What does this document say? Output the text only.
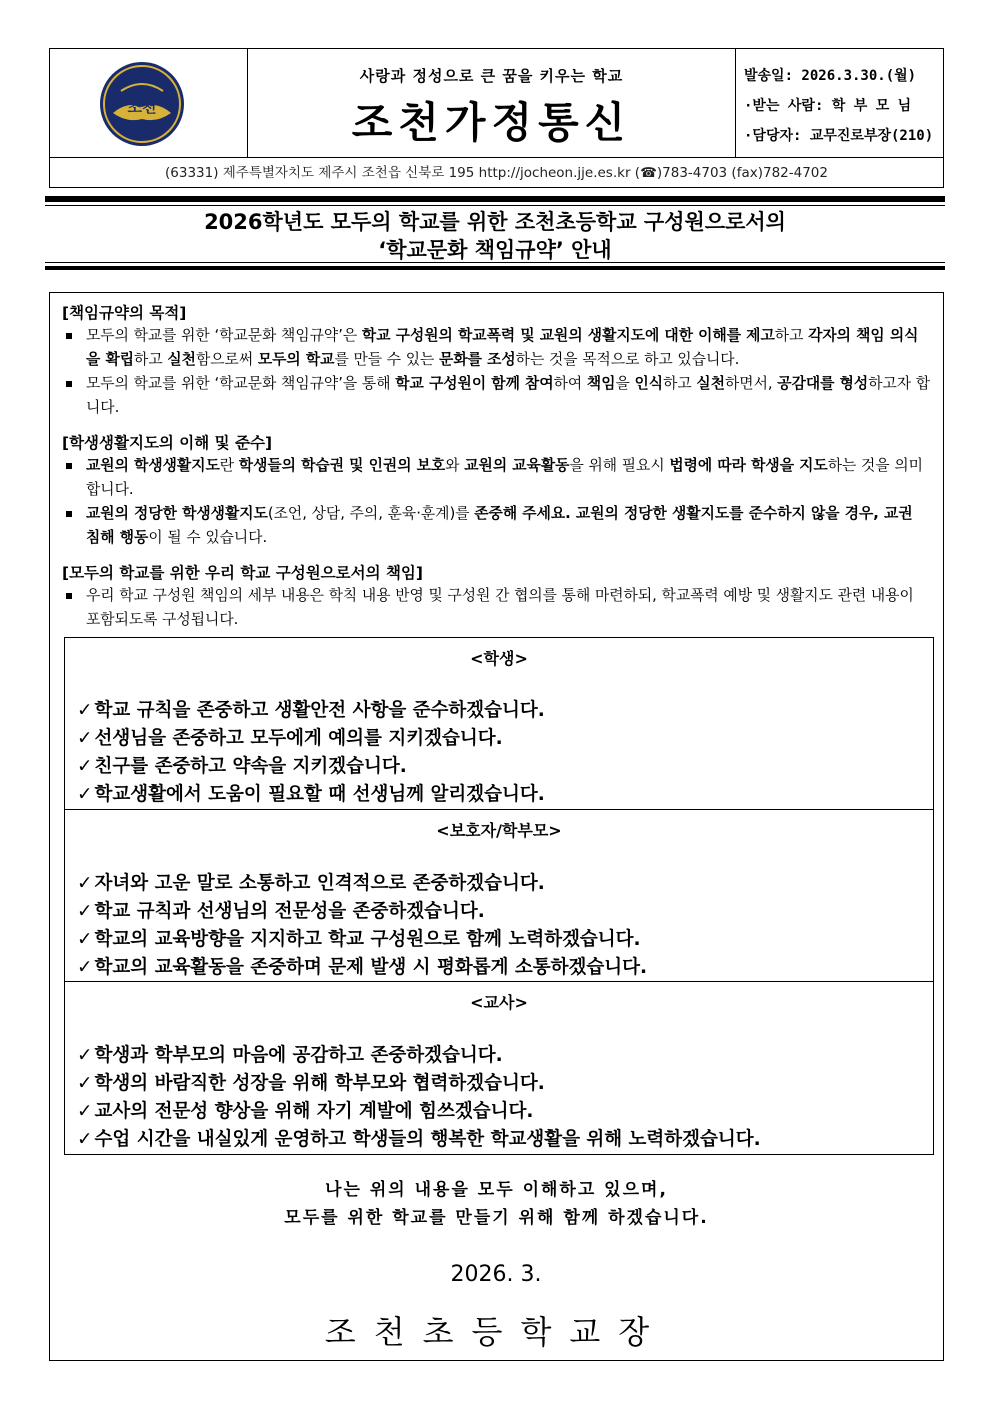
조천
사랑과 정성으로 큰 꿈을 키우는 학교
조천가정통신
발송일: 2026.3.30.(월)
·받는 사람: 학 부 모 님
·담당자: 교무진로부장(210)
(63331) 제주특별자치도 제주시 조천읍 신북로 195 http://jocheon.jje.es.kr (☎)783-4703 (fax)782-4702
2026학년도 모두의 학교를 위한 조천초등학교 구성원으로서의
‘학교문화 책임규약’ 안내
[책임규약의 목적]
모두의 학교를 위한 ‘학교문화 책임규약’은 학교 구성원의 학교폭력 및 교원의 생활지도에 대한 이해를 제고하고 각자의 책임 의식을 확립하고 실천함으로써 모두의 학교를 만들 수 있는 문화를 조성하는 것을 목적으로 하고 있습니다.
모두의 학교를 위한 ‘학교문화 책임규약’을 통해 학교 구성원이 함께 참여하여 책임을 인식하고 실천하면서, 공감대를 형성하고자 합니다.
[학생생활지도의 이해 및 준수]
교원의 학생생활지도란 학생들의 학습권 및 인권의 보호와 교원의 교육활동을 위해 필요시 법령에 따라 학생을 지도하는 것을 의미합니다.
교원의 정당한 학생생활지도(조언, 상담, 주의, 훈육·훈계)를 존중해 주세요. 교원의 정당한 생활지도를 준수하지 않을 경우, 교권 침해 행동이 될 수 있습니다.
[모두의 학교를 위한 우리 학교 구성원으로서의 책임]
우리 학교 구성원 책임의 세부 내용은 학칙 내용 반영 및 구성원 간 협의를 통해 마련하되, 학교폭력 예방 및 생활지도 관련 내용이 포함되도록 구성됩니다.
<학생>
✓ 학교 규칙을 존중하고 생활안전 사항을 준수하겠습니다.
✓ 선생님을 존중하고 모두에게 예의를 지키겠습니다.
✓ 친구를 존중하고 약속을 지키겠습니다.
✓ 학교생활에서 도움이 필요할 때 선생님께 알리겠습니다.
<보호자/학부모>
✓ 자녀와 고운 말로 소통하고 인격적으로 존중하겠습니다.
✓ 학교 규칙과 선생님의 전문성을 존중하겠습니다.
✓ 학교의 교육방향을 지지하고 학교 구성원으로 함께 노력하겠습니다.
✓ 학교의 교육활동을 존중하며 문제 발생 시 평화롭게 소통하겠습니다.
<교사>
✓ 학생과 학부모의 마음에 공감하고 존중하겠습니다.
✓ 학생의 바람직한 성장을 위해 학부모와 협력하겠습니다.
✓ 교사의 전문성 향상을 위해 자기 계발에 힘쓰겠습니다.
✓ 수업 시간을 내실있게 운영하고 학생들의 행복한 학교생활을 위해 노력하겠습니다.
나는 위의 내용을 모두 이해하고 있으며,
모두를 위한 학교를 만들기 위해 함께 하겠습니다.
2026. 3.
조천초등학교장
